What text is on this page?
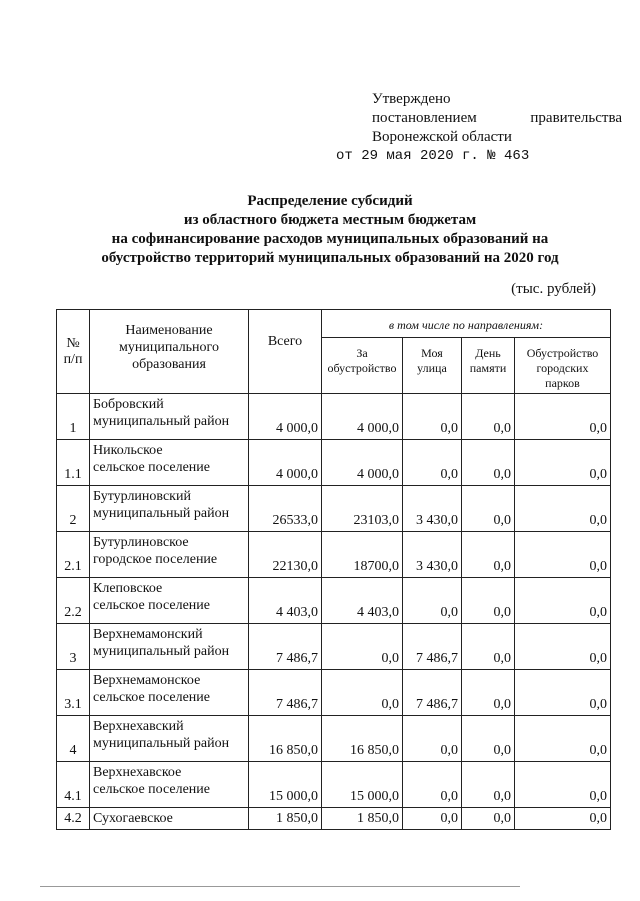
Утверждено
постановлением	правительства
Воронежской области
от 29 мая 2020 г. № 463
Распределение субсидий
из областного бюджета местным бюджетам
на софинансирование расходов муниципальных образований на
обустройство территорий муниципальных образований на 2020 год
(тыс. рублей)
№ п/п	Наименование муниципального образования	Всего	в том числе по направлениям:			
			За обустройство	Моя улица	День памяти	Обустройство городских парков
1	Бобровский
муниципальный район	4 000,0	4 000,0	0,0	0,0	0,0
1.1	Никольское
сельское поселение	4 000,0	4 000,0	0,0	0,0	0,0
2	Бутурлиновский
муниципальный район	26533,0	23103,0	3 430,0	0,0	0,0
2.1	Бутурлиновское
городское поселение	22130,0	18700,0	3 430,0	0,0	0,0
2.2	Клеповское
сельское поселение	4 403,0	4 403,0	0,0	0,0	0,0
3	Верхнемамонский
муниципальный район	7 486,7	0,0	7 486,7	0,0	0,0
3.1	Верхнемамонское
сельское поселение	7 486,7	0,0	7 486,7	0,0	0,0
4	Верхнехавский
муниципальный район	16 850,0	16 850,0	0,0	0,0	0,0
4.1	Верхнехавское
сельское поселение	15 000,0	15 000,0	0,0	0,0	0,0
4.2	Сухогаевское	1 850,0	1 850,0	0,0	0,0	0,0
